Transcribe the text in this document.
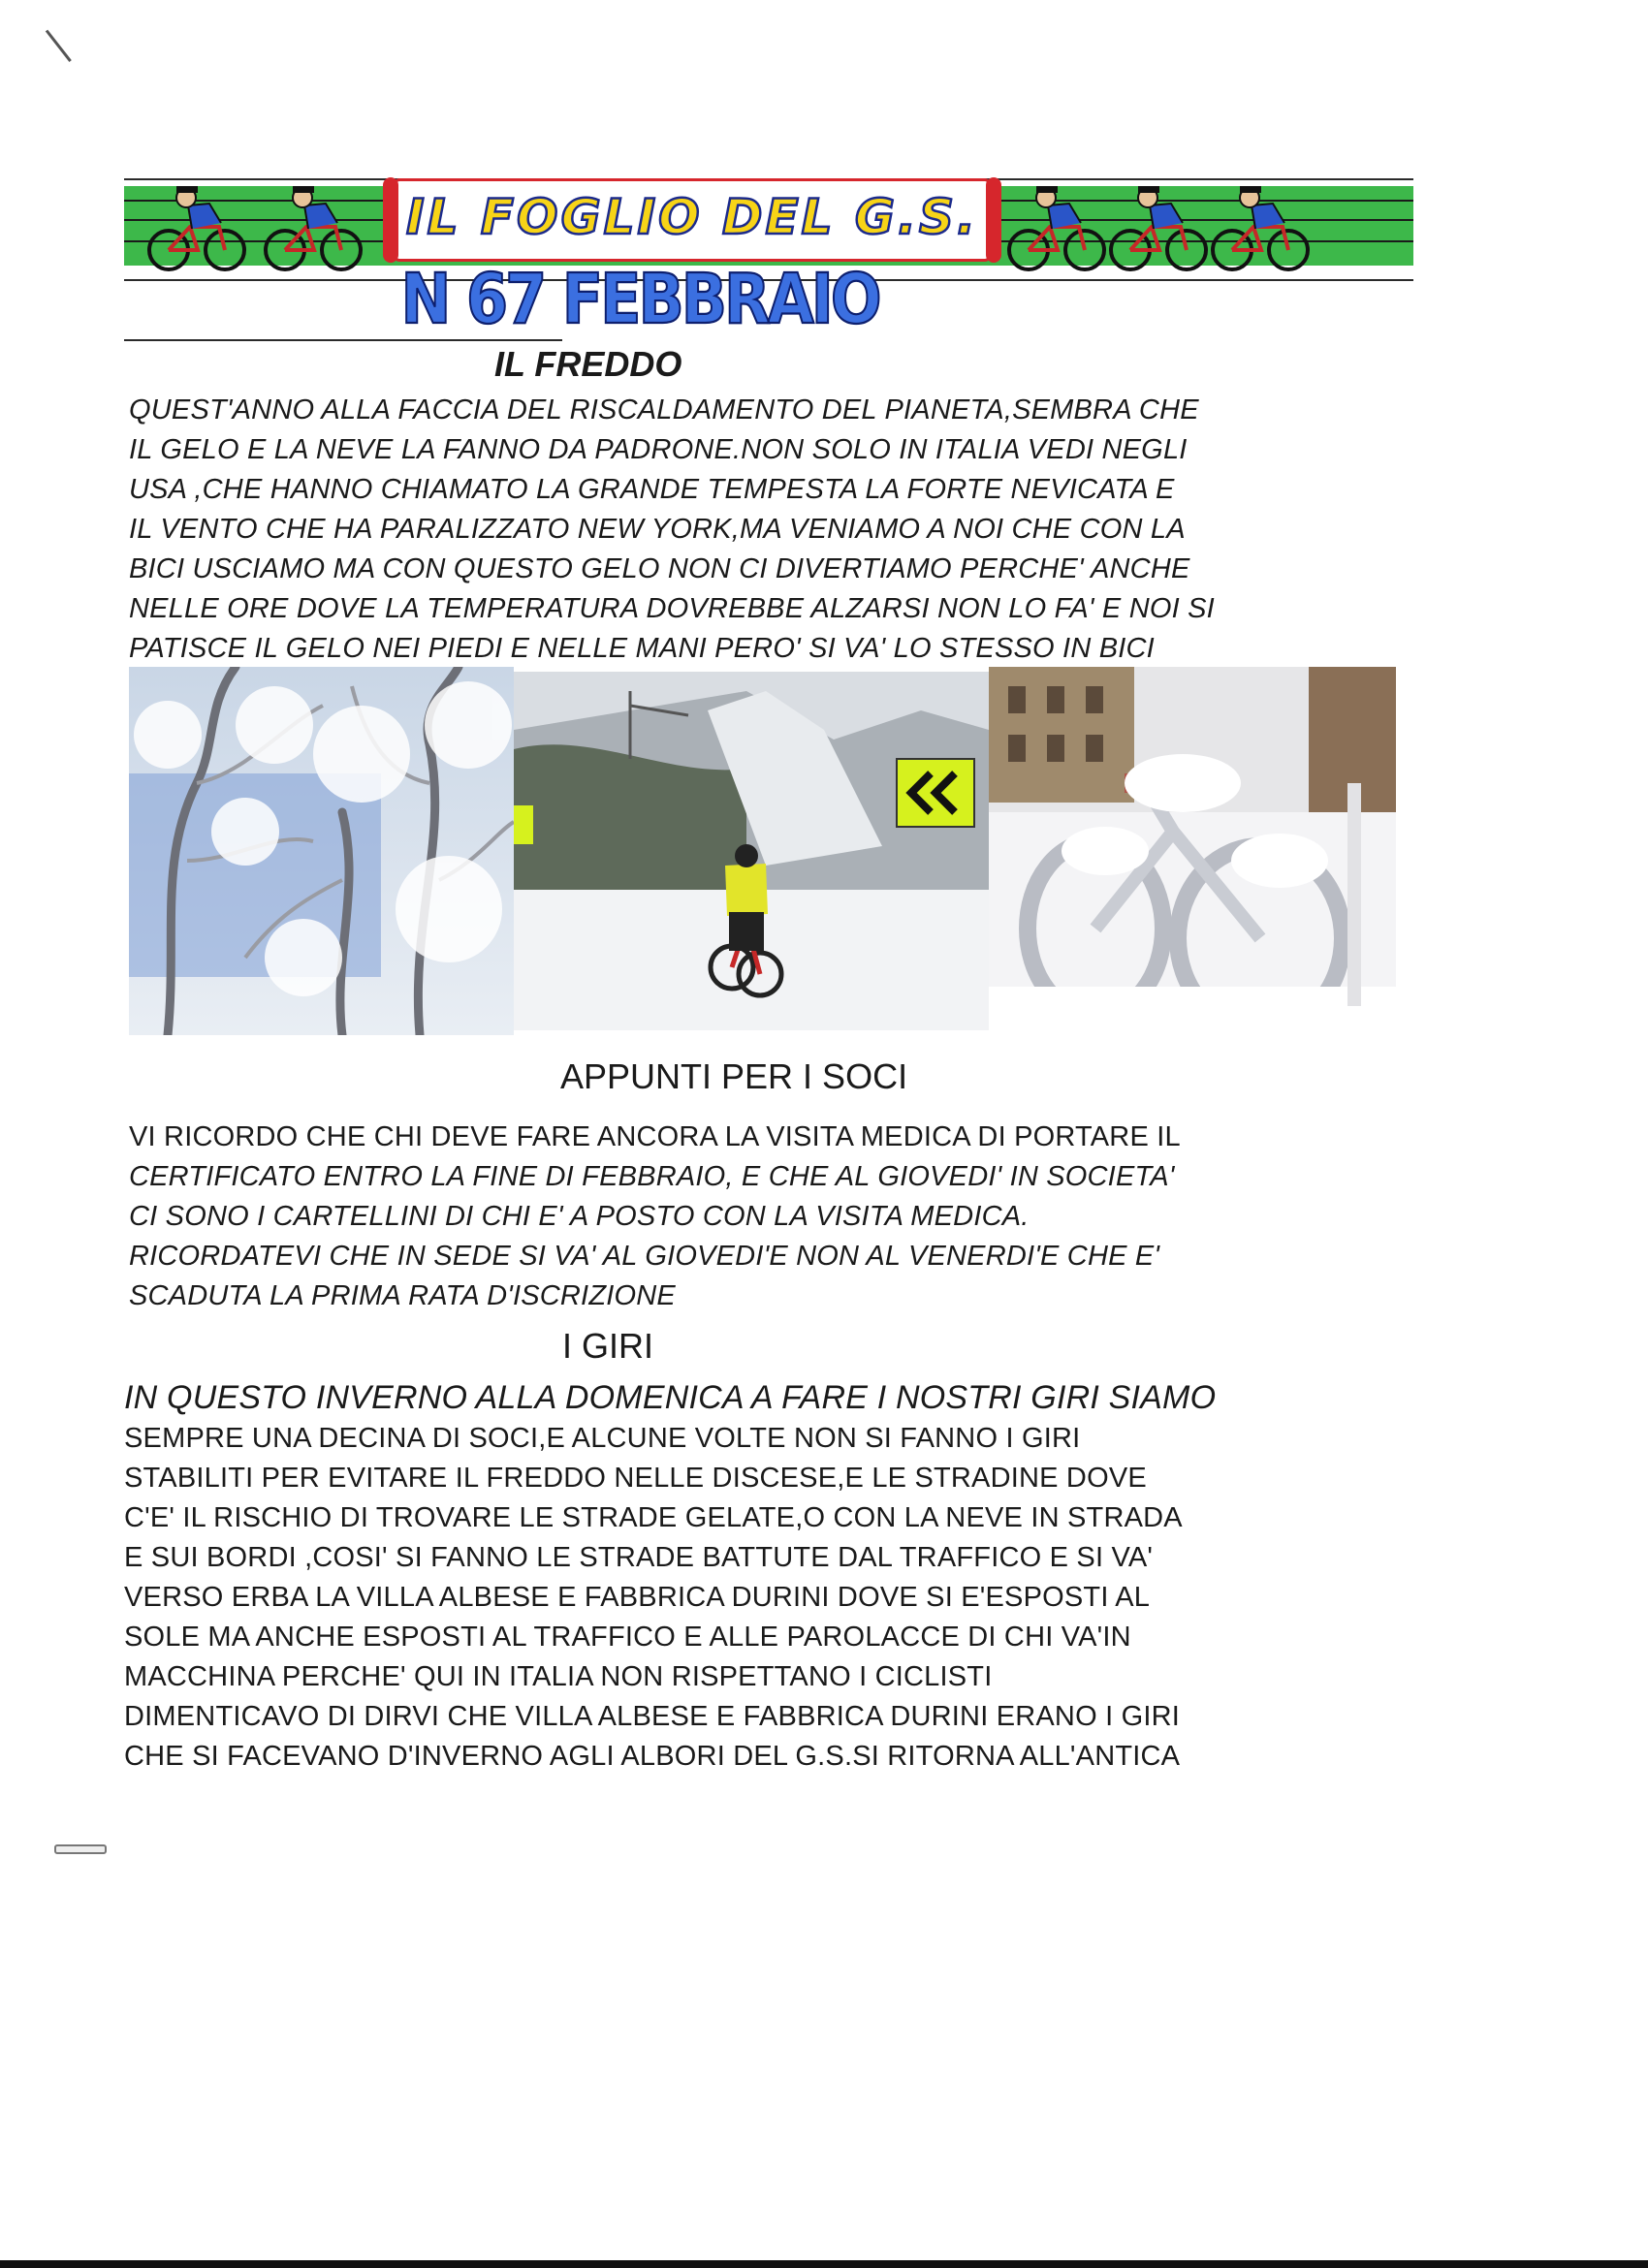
IL FOGLIO DEL G.S.
N 67 FEBBRAIO
IL FREDDO

QUEST'ANNO ALLA FACCIA DEL RISCALDAMENTO DEL PIANETA,SEMBRA CHE
IL GELO E LA NEVE LA FANNO DA PADRONE.NON SOLO IN ITALIA VEDI NEGLI
USA ,CHE HANNO CHIAMATO LA GRANDE TEMPESTA LA FORTE NEVICATA E
IL VENTO CHE HA PARALIZZATO NEW YORK,MA VENIAMO A NOI CHE CON LA
BICI USCIAMO MA CON QUESTO GELO NON CI DIVERTIAMO PERCHE' ANCHE
NELLE ORE DOVE LA TEMPERATURA DOVREBBE ALZARSI NON LO FA' E NOI SI
PATISCE IL GELO NEI PIEDI E NELLE MANI PERO' SI VA' LO STESSO IN BICI

APPUNTI PER I SOCI

VI RICORDO CHE CHI DEVE FARE ANCORA LA VISITA MEDICA DI PORTARE IL
CERTIFICATO ENTRO LA FINE DI FEBBRAIO, E CHE AL GIOVEDI' IN SOCIETA'
CI SONO I CARTELLINI DI CHI E' A POSTO CON LA VISITA MEDICA.
RICORDATEVI CHE IN SEDE SI VA' AL GIOVEDI'E NON AL VENERDI'E CHE E'
SCADUTA LA PRIMA RATA D'ISCRIZIONE

I GIRI

IN QUESTO INVERNO ALLA DOMENICA A FARE I NOSTRI GIRI SIAMO
SEMPRE UNA DECINA DI SOCI,E ALCUNE VOLTE NON SI FANNO I GIRI
STABILITI PER EVITARE IL FREDDO NELLE DISCESE,E LE STRADINE DOVE
C'E' IL RISCHIO DI TROVARE LE STRADE GELATE,O CON LA NEVE IN STRADA
E SUI BORDI ,COSI' SI FANNO LE STRADE BATTUTE DAL TRAFFICO E SI VA'
VERSO ERBA LA VILLA ALBESE E FABBRICA DURINI DOVE SI E'ESPOSTI AL
SOLE MA ANCHE ESPOSTI AL TRAFFICO E ALLE PAROLACCE DI CHI VA'IN
MACCHINA PERCHE' QUI IN ITALIA NON RISPETTANO I CICLISTI
DIMENTICAVO DI DIRVI CHE VILLA ALBESE E FABBRICA DURINI ERANO I GIRI
CHE SI FACEVANO D'INVERNO AGLI ALBORI DEL G.S.SI RITORNA ALL'ANTICA
